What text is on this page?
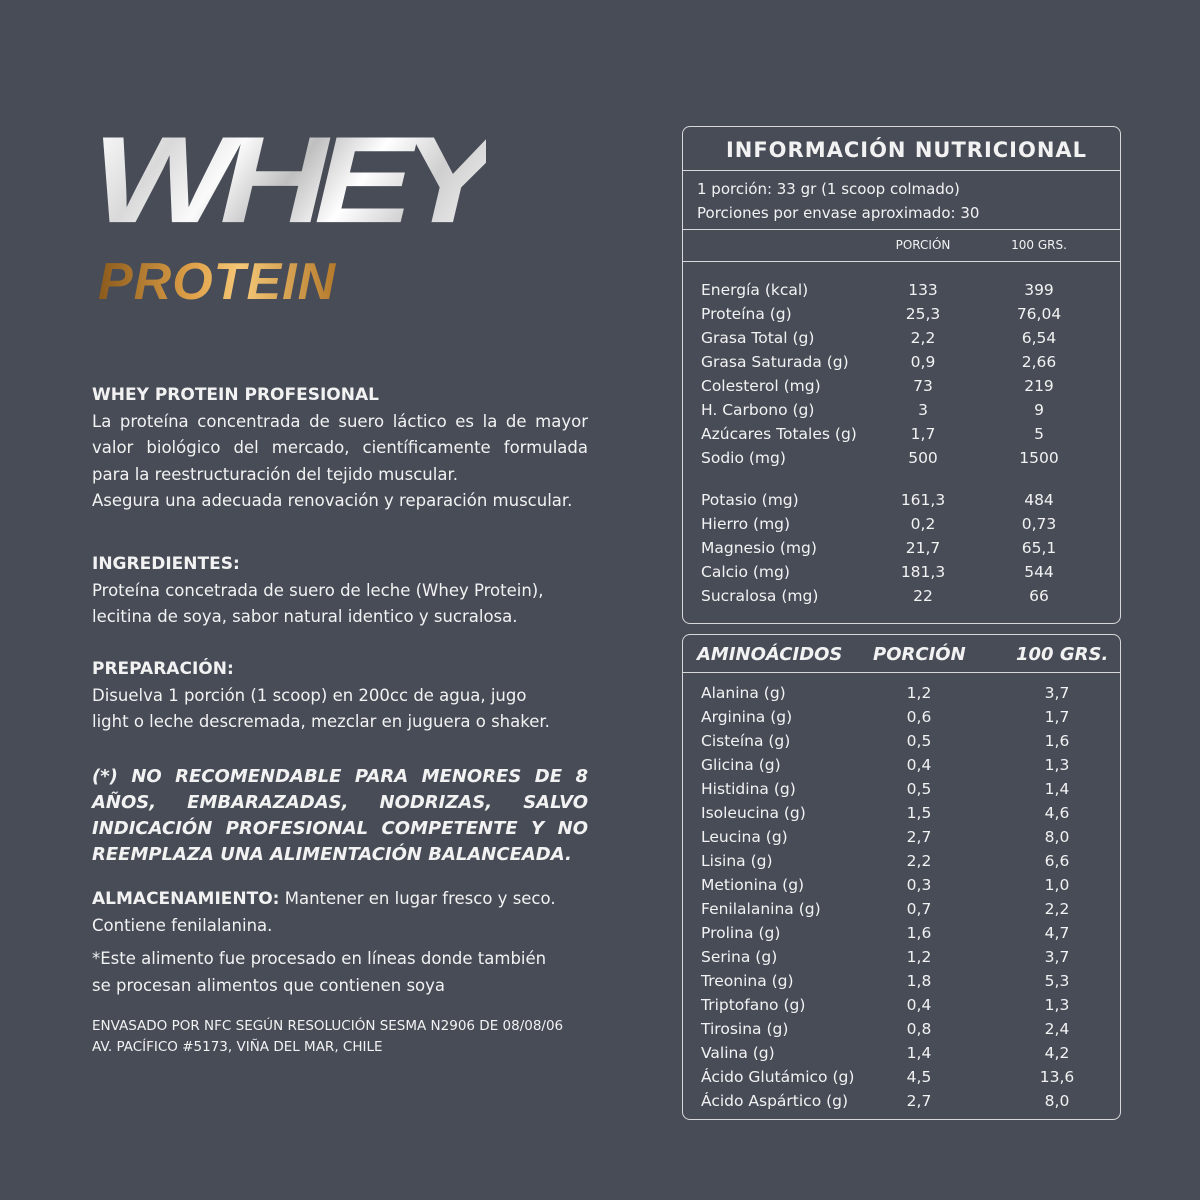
WHEY
PROTEIN
WHEY PROTEIN PROFESIONAL
La proteína concentrada de suero láctico es la de mayor valor biológico del mercado, científicamente formulada para la reestructuración del tejido muscular.
Asegura una adecuada renovación y reparación muscular.
INGREDIENTES:
Proteína concetrada de suero de leche (Whey Protein), lecitina de soya, sabor natural identico y sucralosa.
PREPARACIÓN:
Disuelva 1 porción (1 scoop) en 200cc de agua, jugo light o leche descremada, mezclar en juguera o shaker.
(*) NO RECOMENDABLE PARA MENORES DE 8 AÑOS, EMBARAZADAS, NODRIZAS, SALVO INDICACIÓN PROFESIONAL COMPETENTE Y NO REEMPLAZA UNA ALIMENTACIÓN BALANCEADA.
ALMACENAMIENTO: Mantener en lugar fresco y seco. Contiene fenilalanina.
*Este alimento fue procesado en líneas donde también
se procesan alimentos que contienen soya
ENVASADO POR NFC SEGÚN RESOLUCIÓN SESMA N2906 DE 08/08/06
AV. PACÍFICO #5173, VIÑA DEL MAR, CHILE
INFORMACIÓN NUTRICIONAL
1 porción: 33 gr (1 scoop colmado)
Porciones por envase aproximado: 30
PORCIÓN	100 GRS.
Energía (kcal)	133	399
Proteína (g)	25,3	76,04
Grasa Total (g)	2,2	6,54
Grasa Saturada (g)	0,9	2,66
Colesterol (mg)	73	219
H. Carbono (g)	3	9
Azúcares Totales (g)	1,7	5
Sodio (mg)	500	1500
Potasio (mg)	161,3	484
Hierro (mg)	0,2	0,73
Magnesio (mg)	21,7	65,1
Calcio (mg)	181,3	544
Sucralosa (mg)	22	66
AMINOÁCIDOS PORCIÓN	100 GRS.
Alanina (g)	1,2	3,7
Arginina (g)	0,6	1,7
Cisteína (g)	0,5	1,6
Glicina (g)	0,4	1,3
Histidina (g)	0,5	1,4
Isoleucina (g)	1,5	4,6
Leucina (g)	2,7	8,0
Lisina (g)	2,2	6,6
Metionina (g)	0,3	1,0
Fenilalanina (g)	0,7	2,2
Prolina (g)	1,6	4,7
Serina (g)	1,2	3,7
Treonina (g)	1,8	5,3
Triptofano (g)	0,4	1,3
Tirosina (g)	0,8	2,4
Valina (g)	1,4	4,2
Ácido Glutámico (g)	4,5	13,6
Ácido Aspártico (g)	2,7	8,0
